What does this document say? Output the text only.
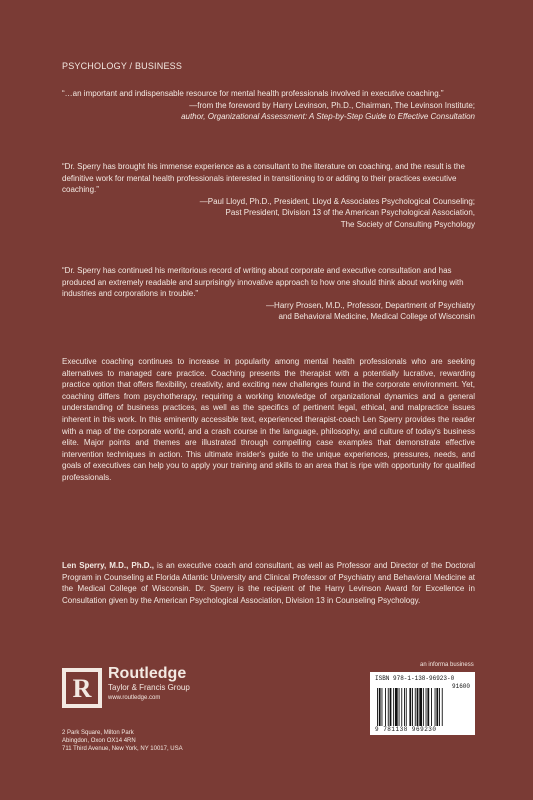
PSYCHOLOGY / BUSINESS

“…an important and indispensable resource for mental health professionals involved in executive coaching.”

—from the foreword by Harry Levinson, Ph.D., Chairman, The Levinson Institute;

author, Organizational Assessment: A Step-by-Step Guide to Effective Consultation

“Dr. Sperry has brought his immense experience as a consultant to the literature on coaching, and the result is the definitive work for mental health professionals interested in transitioning to or adding to their practices executive coaching.”

—Paul Lloyd, Ph.D., President, Lloyd & Associates Psychological Counseling;

Past President, Division 13 of the American Psychological Association,

The Society of Consulting Psychology

“Dr. Sperry has continued his meritorious record of writing about corporate and executive consultation and has produced an extremely readable and surprisingly innovative approach to how one should think about working with industries and corporations in trouble.”

—Harry Prosen, M.D., Professor, Department of Psychiatry

and Behavioral Medicine, Medical College of Wisconsin

Executive coaching continues to increase in popularity among mental health professionals who are seeking alternatives to managed care practice. Coaching presents the therapist with a potentially lucrative, rewarding practice option that offers flexibility, creativity, and exciting new challenges found in the corporate environment. Yet, coaching differs from psychotherapy, requiring a working knowledge of organizational dynamics and a general understanding of business practices, as well as the specifics of pertinent legal, ethical, and malpractice issues inherent in this work. In this eminently accessible text, experienced therapist-coach Len Sperry provides the reader with a map of the corporate world, and a crash course in the language, philosophy, and culture of today's business elite. Major points and themes are illustrated through compelling case examples that demonstrate effective intervention techniques in action. This ultimate insider's guide to the unique experiences, pressures, needs, and goals of executives can help you to apply your training and skills to an area that is ripe with opportunity for qualified professionals.
Len Sperry, M.D., Ph.D., is an executive coach and consultant, as well as Professor and Director of the Doctoral Program in Counseling at Florida Atlantic University and Clinical Professor of Psychiatry and Behavioral Medicine at the Medical College of Wisconsin. Dr. Sperry is the recipient of the Harry Levinson Award for Excellence in Consultation given by the American Psychological Association, Division 13 in Counseling Psychology.
R
Routledge
Taylor & Francis Group
www.routledge.com
2 Park Square, Milton Park
Abingdon, Oxon OX14 4RN
711 Third Avenue, New York, NY 10017, USA
an informa business
ISBN 978-1-138-96923-0
91600
9 781138 969230
